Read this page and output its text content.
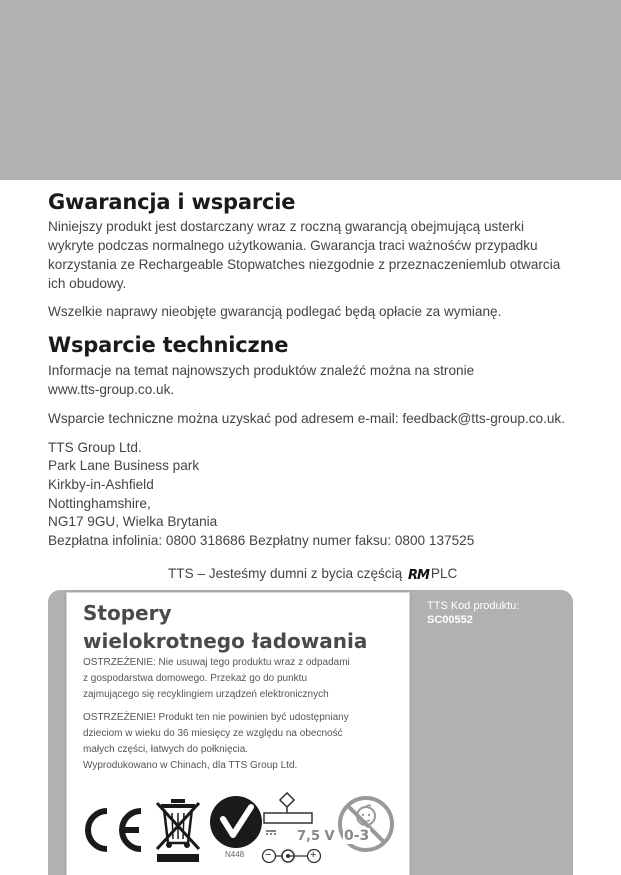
Gwarancja i wsparcie

Niniejszy produkt jest dostarczany wraz z roczną gwarancją obejmującą usterki

wykryte podczas normalnego użytkowania. Gwarancja traci ważnośćw przypadku

korzystania ze Rechargeable Stopwatches niezgodnie z przeznaczeniemlub otwarcia

ich obudowy.

Wszelkie naprawy nieobjęte gwarancją podlegać będą opłacie za wymianę.

Wsparcie techniczne

Informacje na temat najnowszych produktów znaleźć można na stronie

www.tts-group.co.uk.

Wsparcie techniczne można uzyskać pod adresem e-mail: feedback@tts-group.co.uk.

TTS Group Ltd.

Park Lane Business park

Kirkby-in-Ashfield

Nottinghamshire,

NG17 9GU, Wielka Brytania

Bezpłatna infolinia: 0800 318686 Bezpłatny numer faksu: 0800 137525

TTS – Jesteśmy dumni z bycia częścią RM PLC
Stopery
wielokrotnego ładowania
OSTRZEŻENIE: Nie usuwaj tego produktu wraz z odpadami
z gospodarstwa domowego. Przekaż go do punktu
zajmującego się recyklingiem urządzeń elektronicznych
OSTRZEŻENIE! Produkt ten nie powinien być udostępniany
dzieciom w wieku do 36 miesięcy ze względu na obecność
małych części, łatwych do połknięcia.
Wyprodukowano w Chinach, dla TTS Group Ltd.
N448
7,5 V
−	+
0-3
TTS Kod produktu:
SC00552
